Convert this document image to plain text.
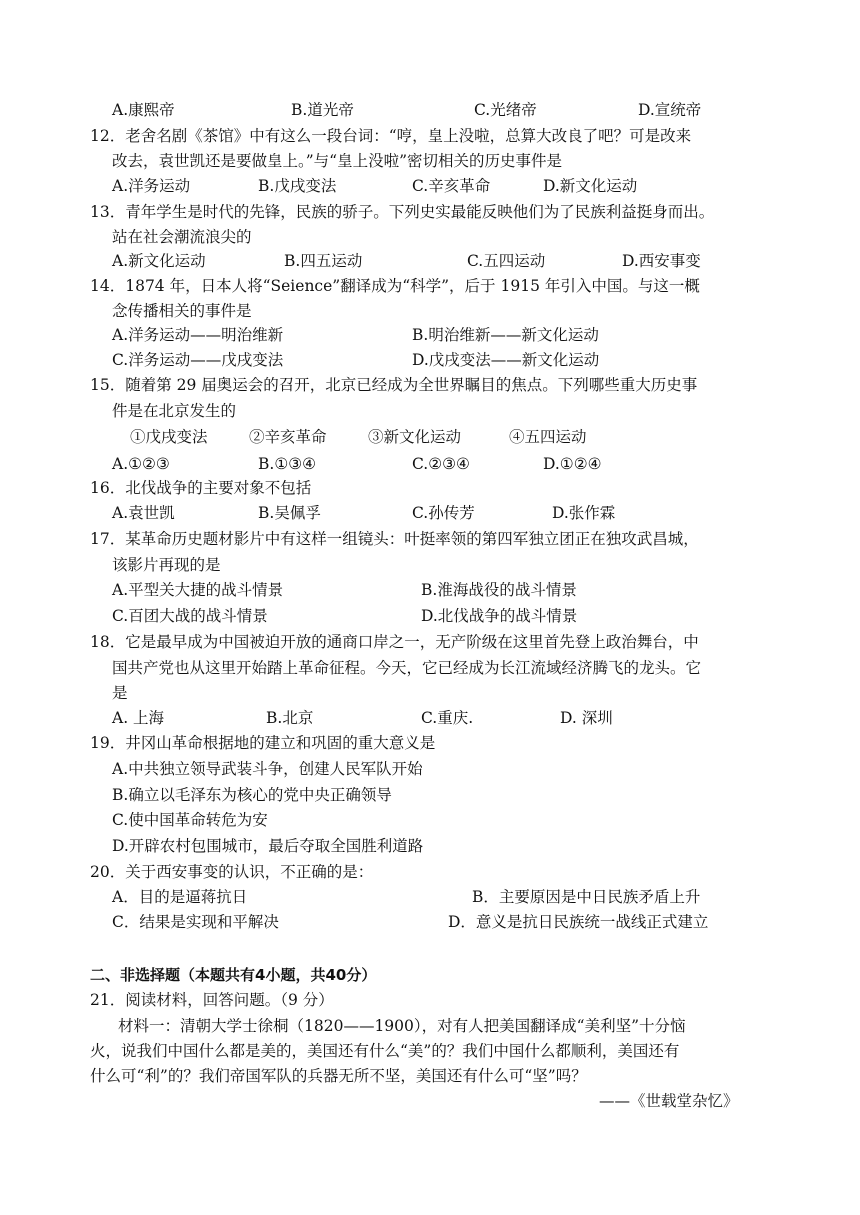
A.康熙帝	B.道光帝	C.光绪帝	D.宣统帝
12．老舍名剧《茶馆》中有这么一段台词：“哼，皇上没啦，总算大改良了吧？可是改来
改去，袁世凯还是要做皇上。”与“皇上没啦”密切相关的历史事件是
A.洋务运动	B.戊戌变法	C.辛亥革命	D.新文化运动
13．青年学生是时代的先锋，民族的骄子。下列史实最能反映他们为了民族利益挺身而出。
站在社会潮流浪尖的
A.新文化运动	B.四五运动	C.五四运动	D.西安事变
14．1874 年，日本人将“Seience”翻译成为“科学”，后于 1915 年引入中国。与这一概
念传播相关的事件是
A.洋务运动——明治维新	B.明治维新——新文化运动
C.洋务运动——戊戌变法	D.戊戌变法——新文化运动
15．随着第 29 届奥运会的召开，北京已经成为全世界瞩目的焦点。下列哪些重大历史事
件是在北京发生的
①戊戌变法	②辛亥革命	③新文化运动	④五四运动
A.①②③	B.①③④	C.②③④	D.①②④
16．北伐战争的主要对象不包括
A.袁世凯	B.吴佩孚	C.孙传芳	D.张作霖
17．某革命历史题材影片中有这样一组镜头：叶挺率领的第四军独立团正在独攻武昌城，
该影片再现的是
A.平型关大捷的战斗情景	B.淮海战役的战斗情景
C.百团大战的战斗情景	D.北伐战争的战斗情景
18．它是最早成为中国被迫开放的通商口岸之一，无产阶级在这里首先登上政治舞台，中
国共产党也从这里开始踏上革命征程。今天，它已经成为长江流域经济腾飞的龙头。它
是
A. 上海	B.北京	C.重庆.	D. 深圳
19．井冈山革命根据地的建立和巩固的重大意义是
A.中共独立领导武装斗争，创建人民军队开始
B.确立以毛泽东为核心的党中央正确领导
C.使中国革命转危为安
D.开辟农村包围城市，最后夺取全国胜利道路
20．关于西安事变的认识，不正确的是：
A．目的是逼蒋抗日	B．主要原因是中日民族矛盾上升
C．结果是实现和平解决	D．意义是抗日民族统一战线正式建立
二、非选择题（本题共有4小题，共40分）
21．阅读材料，回答问题。（9 分）
材料一：清朝大学士徐桐（1820——1900），对有人把美国翻译成“美利坚”十分恼
火，说我们中国什么都是美的，美国还有什么“美”的？我们中国什么都顺利，美国还有
什么可“利”的？我们帝国军队的兵器无所不坚，美国还有什么可“坚”吗？
——《世载堂杂忆》
